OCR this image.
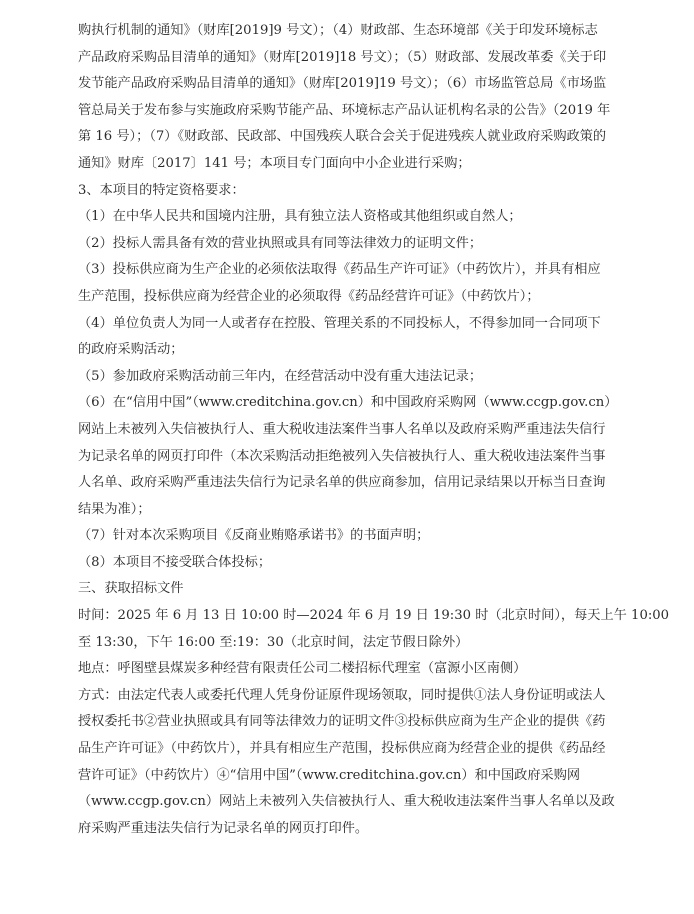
购执行机制的通知》（财库[2019]9 号文）；（4）财政部、生态环境部《关于印发环境标志
产品政府采购品目清单的通知》（财库[2019]18 号文）；（5）财政部、发展改革委《关于印
发节能产品政府采购品目清单的通知》（财库[2019]19 号文）；（6）市场监管总局《市场监
管总局关于发布参与实施政府采购节能产品、环境标志产品认证机构名录的公告》（2019 年
第 16 号）；（7）《财政部、民政部、中国残疾人联合会关于促进残疾人就业政府采购政策的
通知》财库〔2017〕141 号；本项目专门面向中小企业进行采购；
3、本项目的特定资格要求：
（1）在中华人民共和国境内注册，具有独立法人资格或其他组织或自然人；
（2）投标人需具备有效的营业执照或具有同等法律效力的证明文件；
（3）投标供应商为生产企业的必须依法取得《药品生产许可证》（中药饮片），并具有相应
生产范围，投标供应商为经营企业的必须取得《药品经营许可证》（中药饮片）；
（4）单位负责人为同一人或者存在控股、管理关系的不同投标人，不得参加同一合同项下
的政府采购活动；
（5）参加政府采购活动前三年内，在经营活动中没有重大违法记录；
（6）在“信用中国”（www.creditchina.gov.cn）和中国政府采购网（www.ccgp.gov.cn）
网站上未被列入失信被执行人、重大税收违法案件当事人名单以及政府采购严重违法失信行
为记录名单的网页打印件（本次采购活动拒绝被列入失信被执行人、重大税收违法案件当事
人名单、政府采购严重违法失信行为记录名单的供应商参加，信用记录结果以开标当日查询
结果为准）；
（7）针对本次采购项目《反商业贿赂承诺书》的书面声明；
（8）本项目不接受联合体投标；
三、获取招标文件
时间：2025 年 6 月 13 日 10:00 时—2024 年 6 月 19 日 19:30 时（北京时间），每天上午 10:00
至 13:30，下午 16:00 至:19：30（北京时间，法定节假日除外）
地点：呼图壁县煤炭多种经营有限责任公司二楼招标代理室（富源小区南侧）
方式：由法定代表人或委托代理人凭身份证原件现场领取，同时提供①法人身份证明或法人
授权委托书②营业执照或具有同等法律效力的证明文件③投标供应商为生产企业的提供《药
品生产许可证》（中药饮片），并具有相应生产范围，投标供应商为经营企业的提供《药品经
营许可证》（中药饮片）④“信用中国”（www.creditchina.gov.cn）和中国政府采购网
（www.ccgp.gov.cn）网站上未被列入失信被执行人、重大税收违法案件当事人名单以及政
府采购严重违法失信行为记录名单的网页打印件。
